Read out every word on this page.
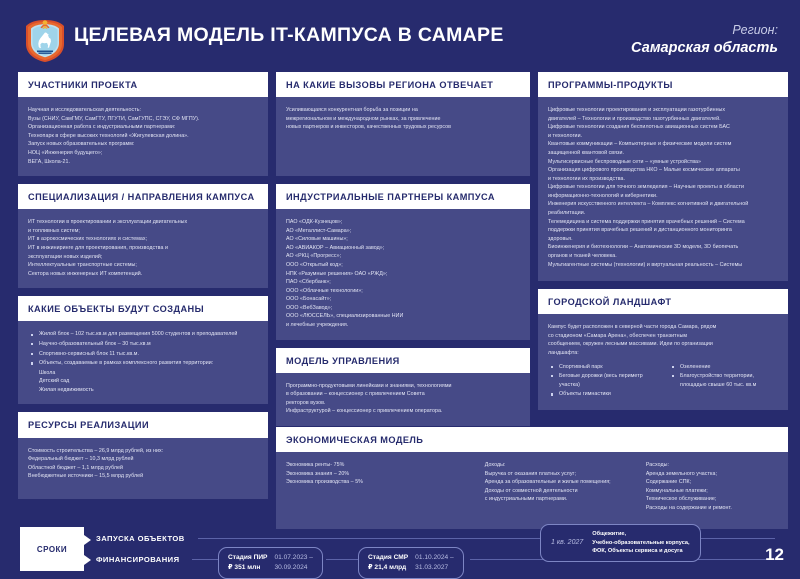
ЦЕЛЕВАЯ МОДЕЛЬ IT-КАМПУСА В САМАРЕ	Регион:
Самарская область
УЧАСТНИКИ ПРОЕКТА

Научная и исследовательская деятельность:

Вузы (СНИУ, СамГМУ, СамГТУ, ПГУТИ, СамГУПС, СГЭУ, СФ МГПУ).

Организационная работа с индустриальными партнерами:

Технопарк в сфере высоких технологий «Жигулевская долина».

Запуск новых образовательных программ:

НОЦ «Инженерия будущего»;

ВЕГА, Школа-21.

СПЕЦИАЛИЗАЦИЯ / НАПРАВЛЕНИЯ КАМПУСА

ИТ технологии в проектировании и эксплуатации двигательных

и топливных систем;

ИТ в аэрокосмических технологиях и системах;

ИТ в инжиниринге для проектирования, производства и

эксплуатации новых изделий;

Интеллектуальные транспортные системы;

Сектора новых инженерных ИТ компетенций.

КАКИЕ ОБЪЕКТЫ БУДУТ СОЗДАНЫ
Жилой блок – 102 тыс.кв.м для размещения 5000 студентов и преподавателей
Научно-образовательный блок – 30 тыс.кв.м
Спортивно-сервисный блок 11 тыс.кв.м.
Объекты, создаваемые в рамках комплексного развития территории:

Школа

Детский сад

Жилая недвижимость

РЕСУРСЫ РЕАЛИЗАЦИИ

Стоимость строительства – 26,9 млрд рублей, из них:

Федеральный бюджет – 10,3 млрд рублей

Областной бюджет – 1,1 млрд рублей

Внебюджетные источники – 15,5 млрд рублей

НА КАКИЕ ВЫЗОВЫ РЕГИОНА ОТВЕЧАЕТ

Усиливающаяся конкурентная борьба за позиции на

межрегиональном и международном рынках, за привлечение

новых партнеров и инвесторов, качественных трудовых ресурсов

ИНДУСТРИАЛЬНЫЕ ПАРТНЕРЫ КАМПУСА

ПАО «ОДК-Кузнецов»;

АО «Металлист-Самара»;

АО «Силовые машины»;

АО «АВИАКОР – Авиационный завод»;

АО «РКЦ «Прогресс»;

ООО «Открытый код»;

НПК «Разумные решения» ОАО «РЖД»;

ПАО «Сбербанк»;

ООО «Облачные технологии»;

ООО «Бонасайт»;

ООО «ВебЗавод»;

ООО «ЛЮССЕЛЬ», специализированные НИИ

и лечебные учреждения.

МОДЕЛЬ УПРАВЛЕНИЯ

Программно-продуктовыми линейками и знаниями, технологиями

в образовании – концессионер с привлечением Совета

ректоров вузов.

Инфраструктурой – концессионер с привлечением оператора.

ЭКОНОМИЧЕСКАЯ МОДЕЛЬ

Экономика ренты- 75%

Экономика знания – 20%

Экономика производства – 5%

Доходы:

Выручка от оказания платных услуг;

Аренда за образовательные и жилые помещения;

Доходы от совместной деятельности

с индустриальными партнерами.

Расходы:

Аренда земельного участка;

Содержание СПК;

Коммунальные платежи;

Техническое обслуживание;

Расходы на содержание и ремонт.

ПРОГРАММЫ-ПРОДУКТЫ

Цифровые технологии проектирования и эксплуатации газотурбинных

двигателей – Технологии и производство газотурбинных двигателей.

Цифровые технологии создания беспилотных авиационных систем БАС

и технологии.

Квантовые коммуникации – Компьютерные и физические модели систем

защищенной квантовой связи.

Мультисервисные беспроводные сети – «умные устройства»

Организация цифрового производства НКО – Малые космические аппараты

и технологии их производства.

Цифровые технологии для точного земледелия – Научные проекты в области

информационно-технологий и кибернетики.

Инженерия искусственного интеллекта – Комплекс когнитивной и двигательной

реабилитации.

Телемедицина и система поддержки принятия врачебных решений – Система

поддержки принятия врачебных решений и дистанционного мониторинга

здоровья.

Биоинженерия и биотехнологии – Анатомические 3D модели, 3D биопечать

органов и тканей человека.

Мультиагентные системы (технологии) и виртуальная реальность – Системы

ГОРОДСКОЙ ЛАНДШАФТ

Кампус будет расположен в северной части города Самара, рядом

со стадионом «Самара Арена», обеспечен транзитным

сообщением, окружен лесными массивами. Идеи по организации

ландшафта:

Спортивный парк
Беговые дорожки (весь периметр участка)
Объекты гимнастики
Озеленение
Благоустройство территории, площадью свыше 60 тыс. кв.м
СРОКИ
ЗАПУСКА ОБЪЕКТОВ
ФИНАНСИРОВАНИЯ	Стадия ПИР
₽ 351 млн
01.07.2023 –
30.09.2024
Стадия СМР
₽ 21,4 млрд
01.10.2024 –
31.03.2027
1 кв. 2027
Общежитие,
Учебно-образовательные корпуса,
ФОК, Объекты сервиса и досуга	12
